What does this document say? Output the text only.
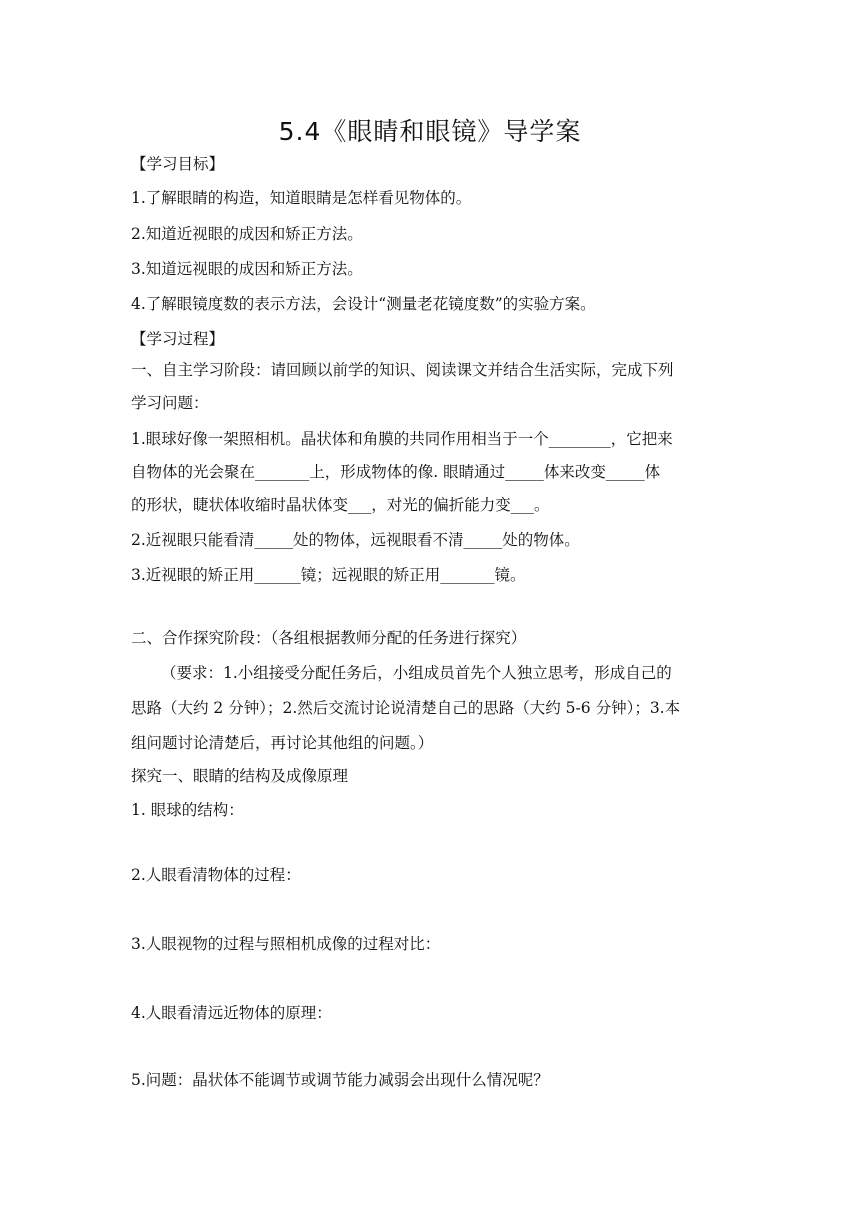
5.4《眼睛和眼镜》导学案
【学习目标】
1.了解眼睛的构造，知道眼睛是怎样看见物体的。
2.知道近视眼的成因和矫正方法。
3.知道远视眼的成因和矫正方法。
4.了解眼镜度数的表示方法，会设计“测量老花镜度数”的实验方案。
【学习过程】
一、自主学习阶段：请回顾以前学的知识、阅读课文并结合生活实际，完成下列
学习问题：
1.眼球好像一架照相机。晶状体和角膜的共同作用相当于一个________，它把来
自物体的光会聚在_______上，形成物体的像. 眼睛通过_____体来改变_____体
的形状，睫状体收缩时晶状体变___，对光的偏折能力变___。
2.近视眼只能看清_____处的物体，远视眼看不清_____处的物体。
3.近视眼的矫正用______镜；远视眼的矫正用_______镜。
二、合作探究阶段：（各组根据教师分配的任务进行探究）
（要求：1.小组接受分配任务后，小组成员首先个人独立思考，形成自己的
思路（大约 2 分钟）；2.然后交流讨论说清楚自己的思路（大约 5-6 分钟）；3.本
组问题讨论清楚后，再讨论其他组的问题。）
探究一、眼睛的结构及成像原理
1. 眼球的结构：
2.人眼看清物体的过程：
3.人眼视物的过程与照相机成像的过程对比：
4.人眼看清远近物体的原理：
5.问题：晶状体不能调节或调节能力减弱会出现什么情况呢？
